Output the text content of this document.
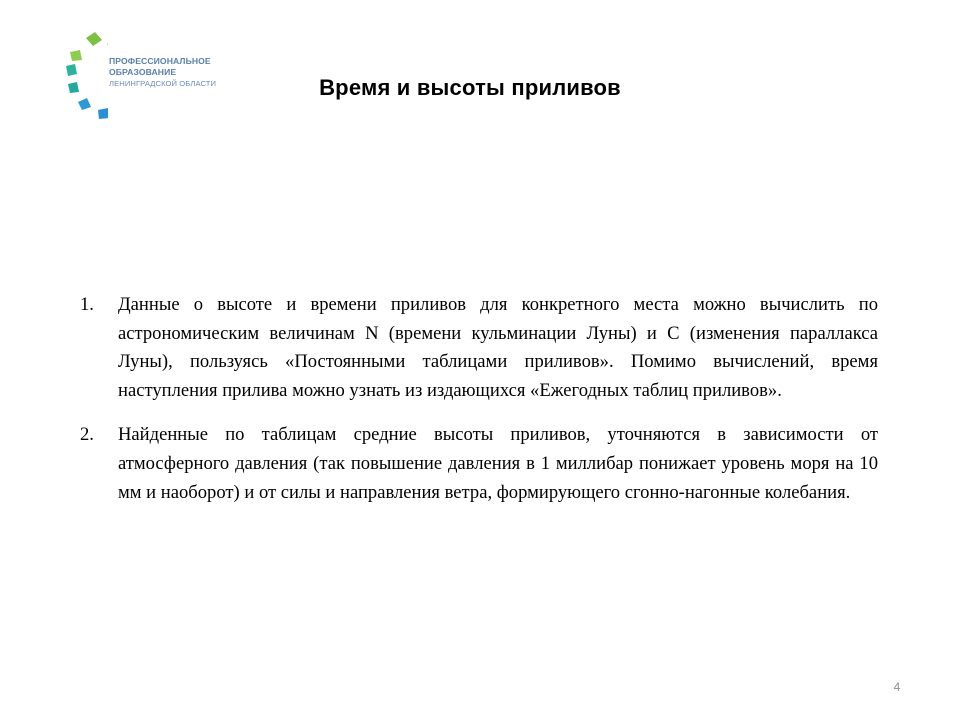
ПРОФЕССИОНАЛЬНОЕ
ОБРАЗОВАНИЕ
ЛЕНИНГРАДСКОЙ ОБЛАСТИ	Время и высоты приливов
1.	Данные о высоте и времени приливов для конкретного места можно вычислить по астрономическим величинам N (времени кульминации Луны) и C (изменения параллакса Луны), пользуясь «Постоянными таблицами приливов». Помимо вычислений, время наступления прилива можно узнать из издающихся «Ежегодных таблиц приливов».
2.	Найденные по таблицам средние высоты приливов, уточняются в зависимости от атмосферного давления (так повышение давления в 1 миллибар понижает уровень моря на 10 мм и наоборот) и от силы и направления ветра, формирующего сгонно-нагонные колебания.
4
